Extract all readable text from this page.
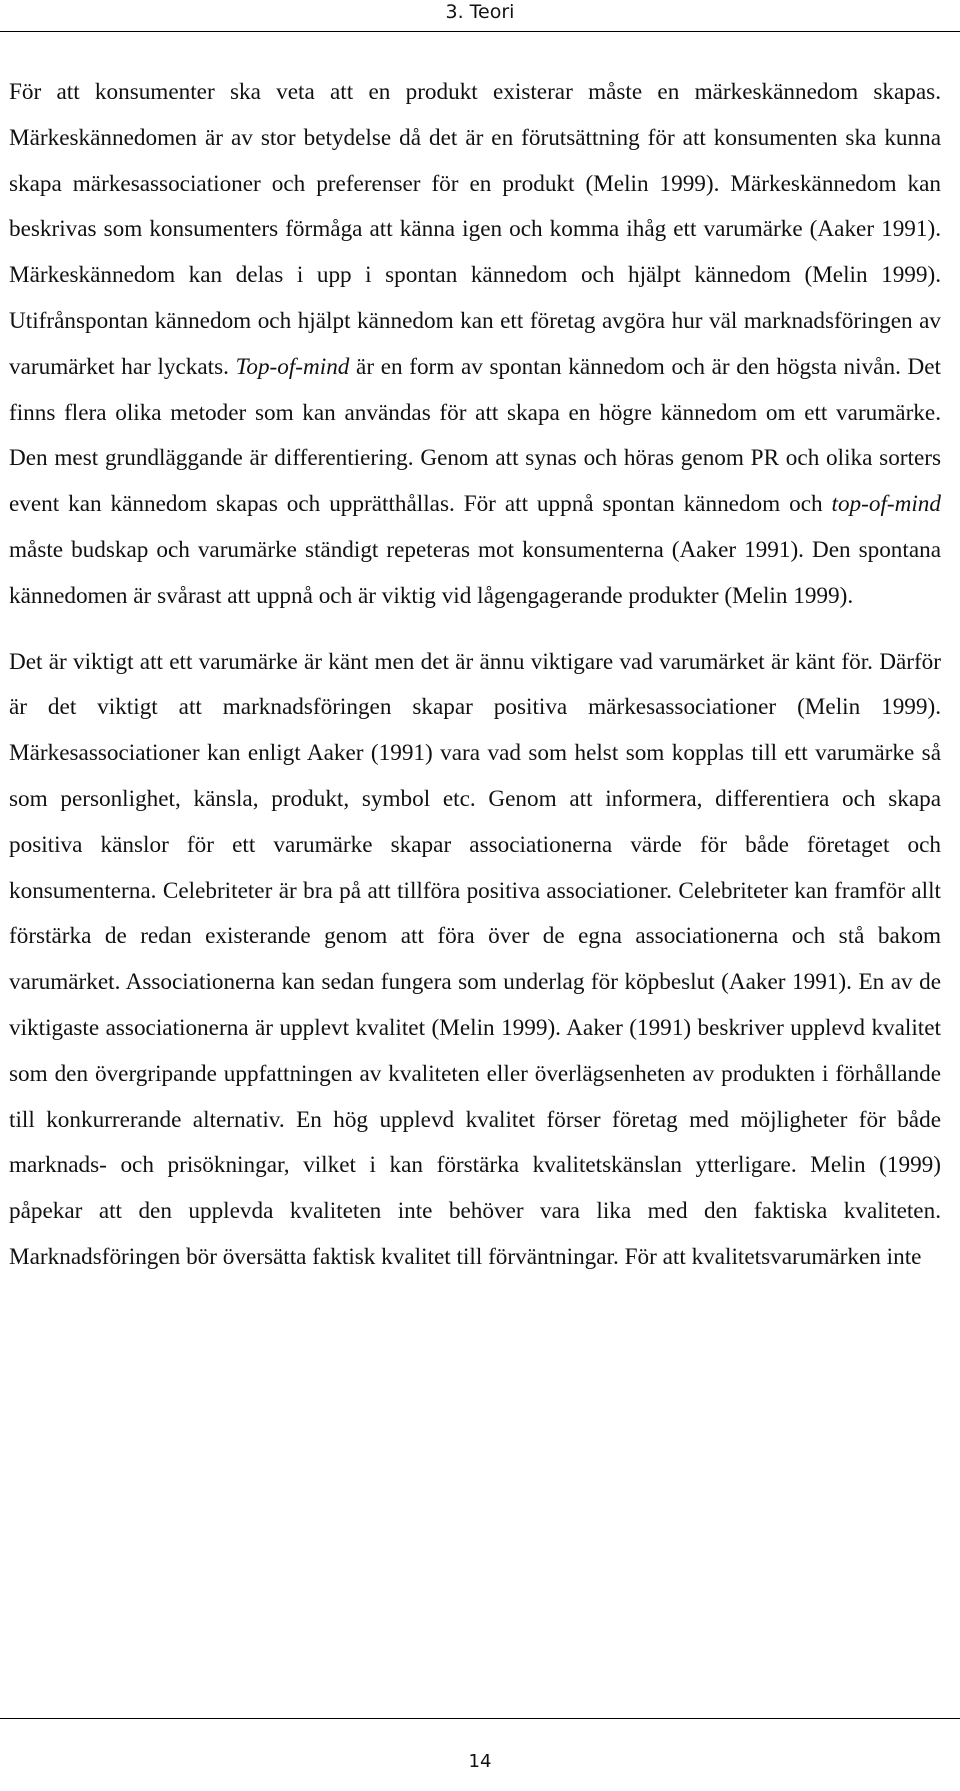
3. Teori

För att konsumenter ska veta att en produkt existerar måste en märkeskännedom skapas. Märkeskännedomen är av stor betydelse då det är en förutsättning för att konsumenten ska kunna skapa märkesassociationer och preferenser för en produkt (Melin 1999). Märkeskännedom kan beskrivas som konsumenters förmåga att känna igen och komma ihåg ett varumärke (Aaker 1991). Märkeskännedom kan delas i upp i spontan kännedom och hjälpt kännedom (Melin 1999). Utifrånspontan kännedom och hjälpt kännedom kan ett företag avgöra hur väl marknadsföringen av varumärket har lyckats. Top-of-mind är en form av spontan kännedom och är den högsta nivån. Det finns flera olika metoder som kan användas för att skapa en högre kännedom om ett varumärke. Den mest grundläggande är differentiering. Genom att synas och höras genom PR och olika sorters event kan kännedom skapas och upprätthållas. För att uppnå spontan kännedom och top-of-mind måste budskap och varumärke ständigt repeteras mot konsumenterna (Aaker 1991). Den spontana kännedomen är svårast att uppnå och är viktig vid lågengagerande produkter (Melin 1999).

Det är viktigt att ett varumärke är känt men det är ännu viktigare vad varumärket är känt för. Därför är det viktigt att marknadsföringen skapar positiva märkesassociationer (Melin 1999). Märkesassociationer kan enligt Aaker (1991) vara vad som helst som kopplas till ett varumärke så som personlighet, känsla, produkt, symbol etc. Genom att informera, differentiera och skapa positiva känslor för ett varumärke skapar associationerna värde för både företaget och konsumenterna. Celebriteter är bra på att tillföra positiva associationer. Celebriteter kan framför allt förstärka de redan existerande genom att föra över de egna associationerna och stå bakom varumärket. Associationerna kan sedan fungera som underlag för köpbeslut (Aaker 1991). En av de viktigaste associationerna är upplevt kvalitet (Melin 1999). Aaker (1991) beskriver upplevd kvalitet som den övergripande uppfattningen av kvaliteten eller överlägsenheten av produkten i förhållande till konkurrerande alternativ. En hög upplevd kvalitet förser företag med möjligheter för både marknads- och prisökningar, vilket i kan förstärka kvalitetskänslan ytterligare. Melin (1999) påpekar att den upplevda kvaliteten inte behöver vara lika med den faktiska kvaliteten. Marknadsföringen bör översätta faktisk kvalitet till förväntningar. För att kvalitetsvarumärken inte

14
